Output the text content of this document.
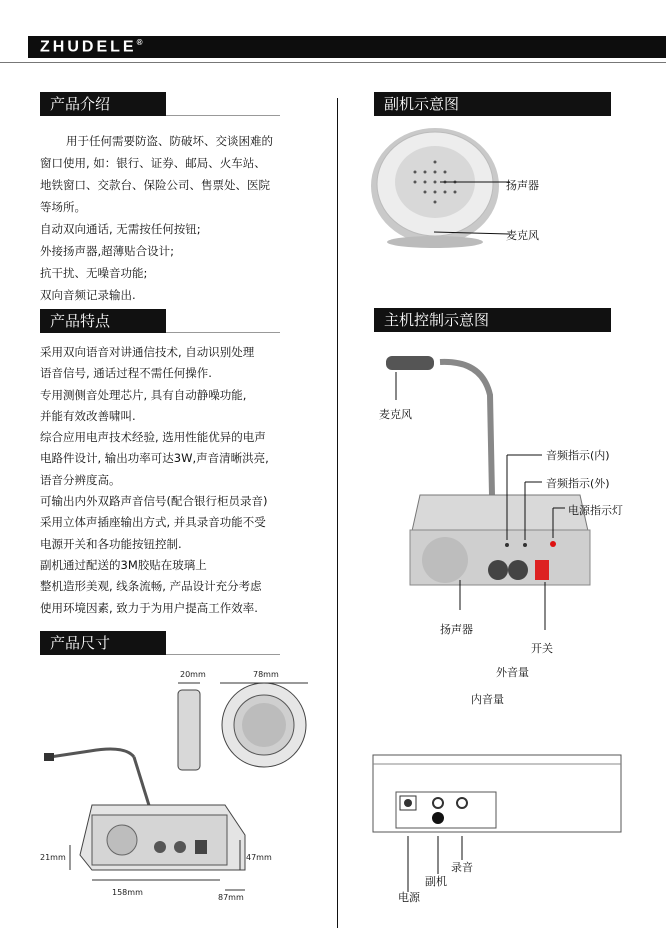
ZHUDELE®
产品介绍

用于任何需要防盗、防破坏、交谈困难的

窗口使用, 如：银行、证券、邮局、火车站、

地铁窗口、交款台、保险公司、售票处、医院

等场所。

自动双向通话, 无需按任何按钮;

外接扬声器,超薄贴合设计;

抗干扰、无噪音功能;

双向音频记录输出.

产品特点

采用双向语音对讲通信技术, 自动识别处理

语音信号, 通话过程不需任何操作.

专用测侧音处理芯片, 具有自动静噪功能,

并能有效改善啸叫.

综合应用电声技术经验, 选用性能优异的电声

电路件设计, 输出功率可达3W,声音清晰洪亮,

语音分辨度高。

可输出内外双路声音信号(配合银行柜员录音)

采用立体声插座输出方式, 并具录音功能不受

电源开关和各功能按钮控制.

副机通过配送的3M胶贴在玻璃上

整机造形美观, 线条流畅, 产品设计充分考虑

使用环境因素, 致力于为用户提高工作效率.

产品尺寸
20mm	78mm
21mm	47mm
158mm
87mm
副机示意图
扬声器
麦克风
主机控制示意图
麦克风
音频指示(内)
音频指示(外)
电源指示灯
扬声器
开关
外音量
内音量
电源
副机
录音
